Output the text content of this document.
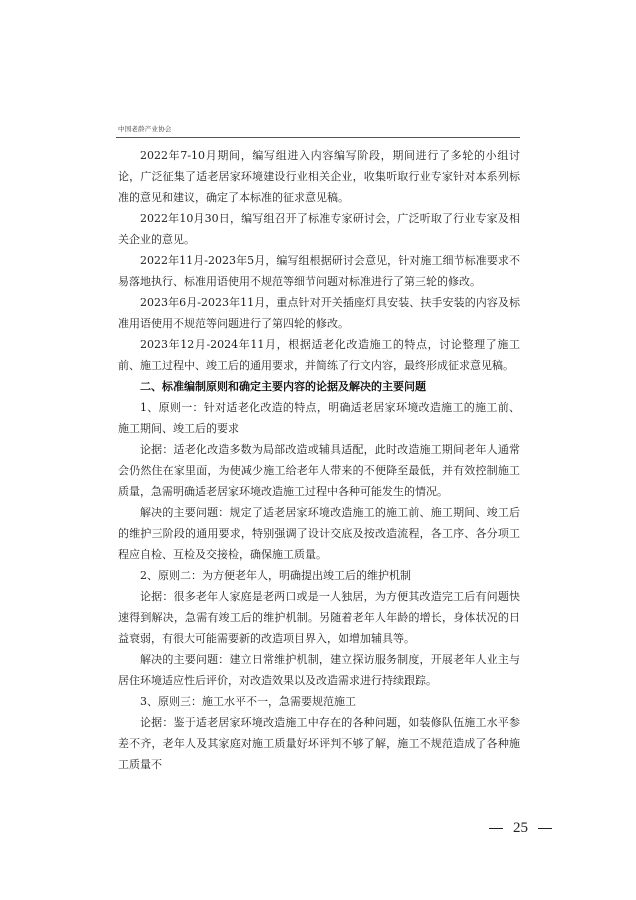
中国老龄产业协会

2022年7-10月期间，编写组进入内容编写阶段，期间进行了多轮的小组讨论，广泛征集了适老居家环境建设行业相关企业，收集听取行业专家针对本系列标准的意见和建议，确定了本标准的征求意见稿。

2022年10月30日，编写组召开了标准专家研讨会，广泛听取了行业专家及相关企业的意见。

2022年11月-2023年5月，编写组根据研讨会意见，针对施工细节标准要求不易落地执行、标准用语使用不规范等细节问题对标准进行了第三轮的修改。

2023年6月-2023年11月，重点针对开关插座灯具安装、扶手安装的内容及标准用语使用不规范等问题进行了第四轮的修改。

2023年12月-2024年11月，根据适老化改造施工的特点，讨论整理了施工前、施工过程中、竣工后的通用要求，并简练了行文内容，最终形成征求意见稿。

二、标准编制原则和确定主要内容的论据及解决的主要问题

1、原则一：针对适老化改造的特点，明确适老居家环境改造施工的施工前、施工期间、竣工后的要求

论据：适老化改造多数为局部改造或辅具适配，此时改造施工期间老年人通常会仍然住在家里面，为使减少施工给老年人带来的不便降至最低，并有效控制施工质量，急需明确适老居家环境改造施工过程中各种可能发生的情况。

解决的主要问题：规定了适老居家环境改造施工的施工前、施工期间、竣工后的维护三阶段的通用要求，特别强调了设计交底及按改造流程，各工序、各分项工程应自检、互检及交接检，确保施工质量。

2、原则二：为方便老年人，明确提出竣工后的维护机制

论据：很多老年人家庭是老两口或是一人独居，为方便其改造完工后有问题快速得到解决，急需有竣工后的维护机制。另随着老年人年龄的增长，身体状况的日益衰弱，有很大可能需要新的改造项目界入，如增加辅具等。

解决的主要问题：建立日常维护机制，建立探访服务制度，开展老年人业主与居住环境适应性后评价，对改造效果以及改造需求进行持续跟踪。

3、原则三：施工水平不一，急需要规范施工

论据：鉴于适老居家环境改造施工中存在的各种问题，如装修队伍施工水平参差不齐，老年人及其家庭对施工质量好坏评判不够了解，施工不规范造成了各种施工质量不

25
